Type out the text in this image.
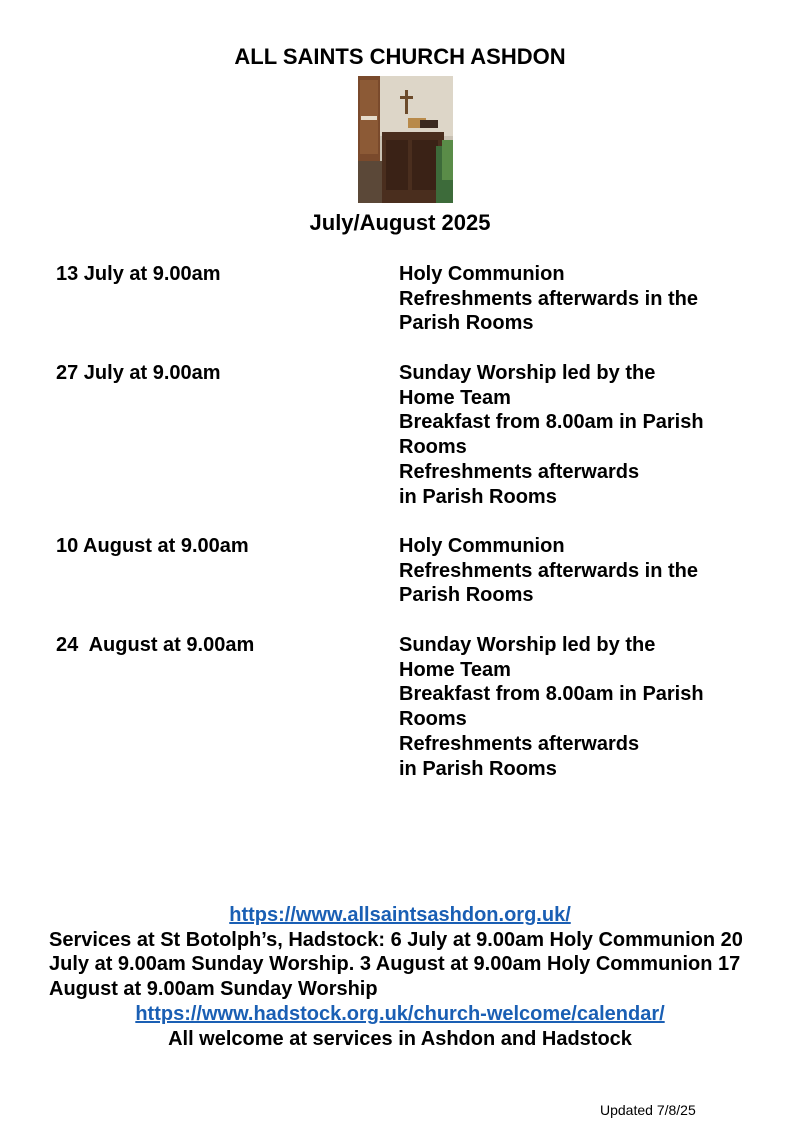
ALL SAINTS CHURCH ASHDON
July/August 2025
13 July at 9.00am	Holy Communion
Refreshments afterwards in the
Parish Rooms
27 July at 9.00am	Sunday Worship led by the
Home Team
Breakfast from 8.00am in Parish
Rooms
Refreshments afterwards
in Parish Rooms
10 August at 9.00am	Holy Communion
Refreshments afterwards in the
Parish Rooms
24  August at 9.00am	Sunday Worship led by the
Home Team
Breakfast from 8.00am in Parish
Rooms
Refreshments afterwards
in Parish Rooms
https://www.allsaintsashdon.org.uk/
Services at St Botolph’s, Hadstock: 6 July at 9.00am Holy Communion 20 July at 9.00am Sunday Worship. 3 August at 9.00am Holy Communion 17 August at 9.00am Sunday Worship
https://www.hadstock.org.uk/church-welcome/calendar/
All welcome at services in Ashdon and Hadstock
Updated 7/8/25
